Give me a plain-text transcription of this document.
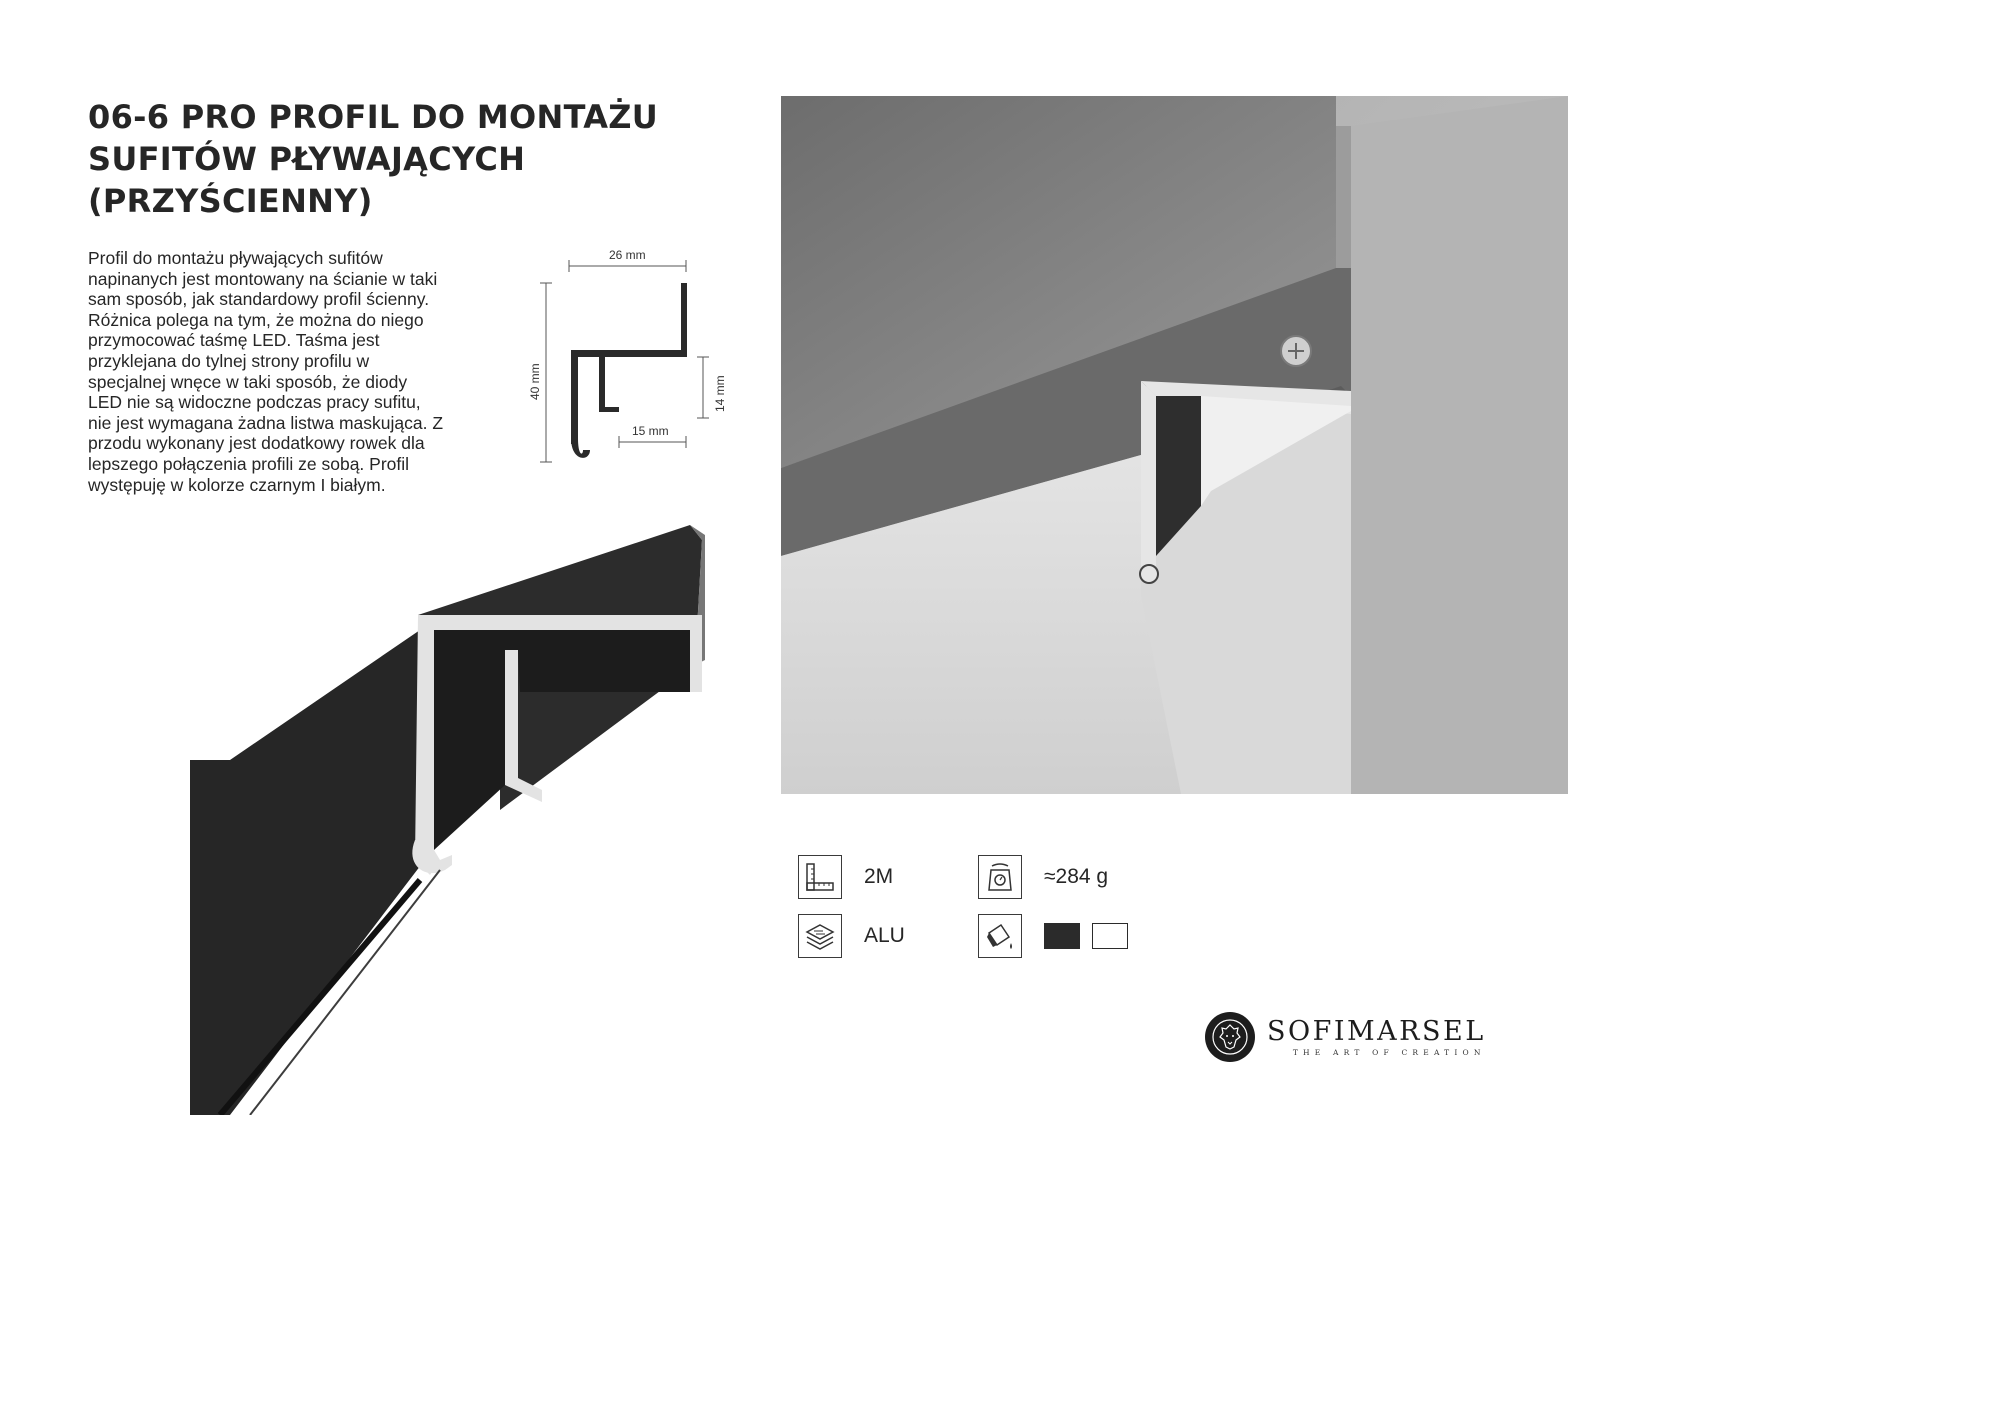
06-6 PRO PROFIL DO MONTAŻU
SUFITÓW PŁYWAJĄCYCH
(PRZYŚCIENNY)

Profil do montażu pływających sufitów
napinanych jest montowany na ścianie w taki
sam sposób, jak standardowy profil ścienny.
Różnica polega na tym, że można do niego
przymocować taśmę LED. Taśma jest
przyklejana do tylnej strony profilu w
specjalnej wnęce w taki sposób, że diody
LED nie są widoczne podczas pracy sufitu,
nie jest wymagana żadna listwa maskująca. Z
przodu wykonany jest dodatkowy rowek dla
lepszego połączenia profili ze sobą. Profil
występuję w kolorze czarnym I białym.

26 mm
40 mm	14 mm
15 mm
2M	≈284 g
ALU
SOFIMARSEL
THE ART OF CREATION
